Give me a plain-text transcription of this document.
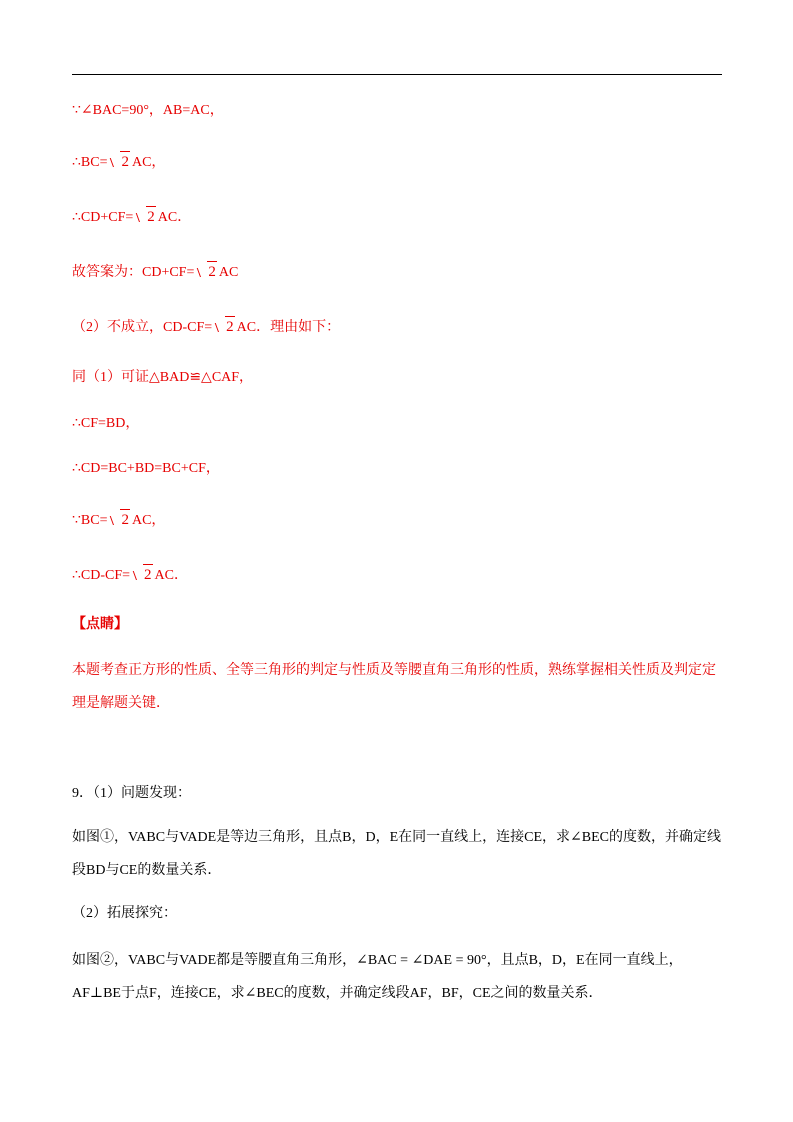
∵∠BAC=90°，AB=AC，
∴BC= 2 AC，
∴CD+CF= 2 AC．
故答案为：CD+CF= 2 AC
（2）不成立，CD-CF= 2 AC．理由如下：
同（1）可证△BAD≌△CAF，
∴CF=BD，
∴CD=BC+BD=BC+CF，
∵BC= 2 AC，
∴CD-CF= 2 AC．
【点睛】
本题考查正方形的性质、全等三角形的判定与性质及等腰直角三角形的性质，熟练掌握相关性质及判定定理是解题关键．
9．（1）问题发现：
如图①，VABC与VADE是等边三角形，且点B，D，E在同一直线上，连接CE，求∠BEC的度数，并确定线段BD与CE的数量关系．
（2）拓展探究：
如图②，VABC与VADE都是等腰直角三角形，∠BAC = ∠DAE = 90°，且点B，D，E在同一直线上，AF⊥BE于点F，连接CE，求∠BEC的度数，并确定线段AF，BF，CE之间的数量关系．
